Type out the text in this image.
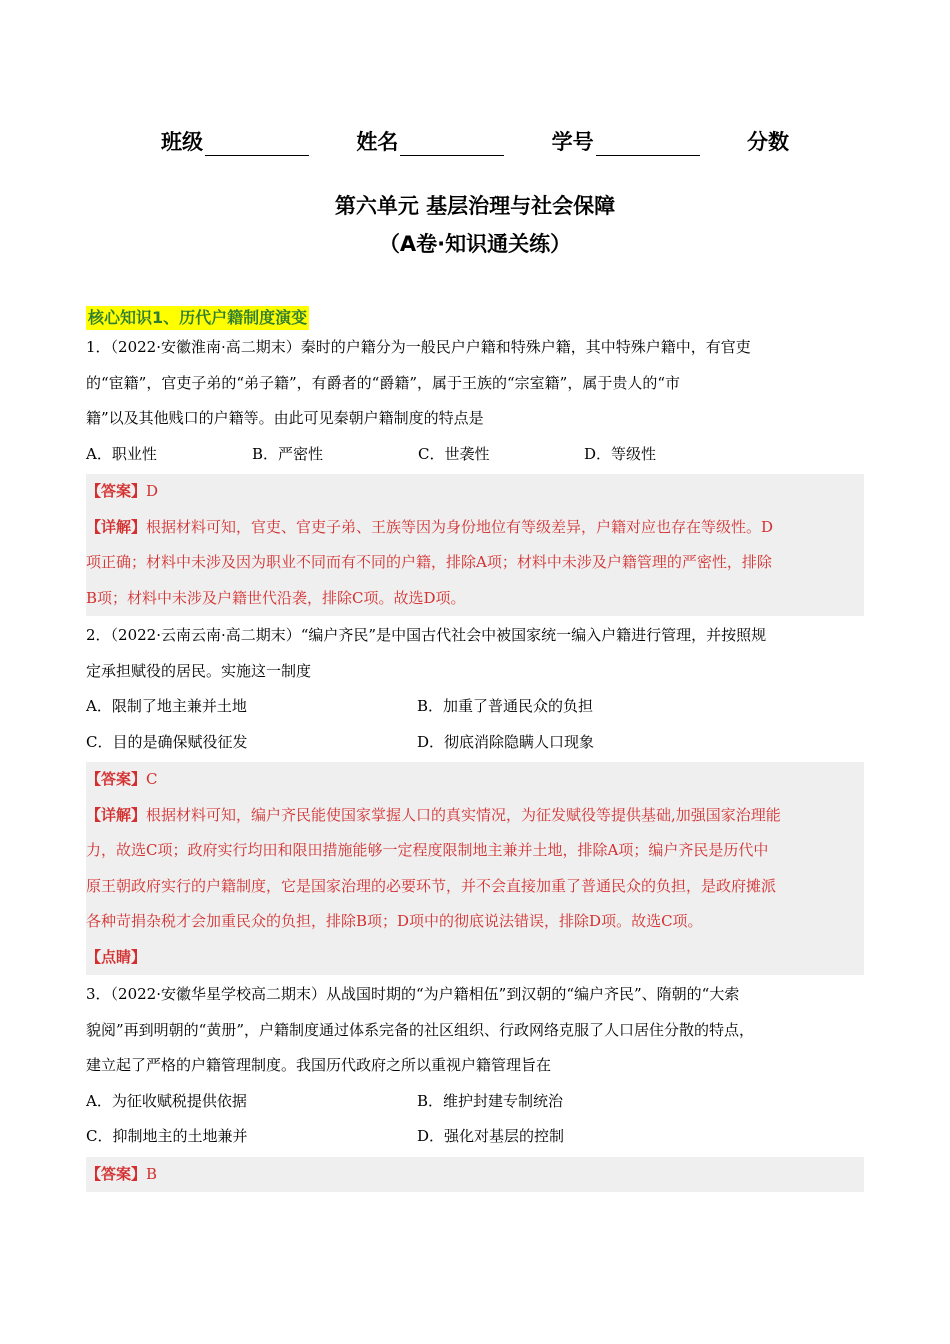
班级	姓名	学号	分数
第六单元 基层治理与社会保障
（A卷·知识通关练）
核心知识1、历代户籍制度演变
1．（2022·安徽淮南·高二期末）秦时的户籍分为一般民户户籍和特殊户籍，其中特殊户籍中，有官吏
的“宦籍”，官吏子弟的“弟子籍”，有爵者的“爵籍”，属于王族的“宗室籍”，属于贵人的“市
籍”以及其他贱口的户籍等。由此可见秦朝户籍制度的特点是
A．职业性	B．严密性	C．世袭性	D．等级性
【答案】D
【详解】根据材料可知，官吏、官吏子弟、王族等因为身份地位有等级差异，户籍对应也存在等级性。D
项正确；材料中未涉及因为职业不同而有不同的户籍，排除A项；材料中未涉及户籍管理的严密性，排除
B项；材料中未涉及户籍世代沿袭，排除C项。故选D项。
2．（2022·云南云南·高二期末）“编户齐民”是中国古代社会中被国家统一编入户籍进行管理，并按照规
定承担赋役的居民。实施这一制度
A．限制了地主兼并土地	B．加重了普通民众的负担
C．目的是确保赋役征发	D．彻底消除隐瞒人口现象
【答案】C
【详解】根据材料可知，编户齐民能使国家掌握人口的真实情况，为征发赋役等提供基础,加强国家治理能
力，故选C项；政府实行均田和限田措施能够一定程度限制地主兼并土地，排除A项；编户齐民是历代中
原王朝政府实行的户籍制度，它是国家治理的必要环节，并不会直接加重了普通民众的负担，是政府摊派
各种苛捐杂税才会加重民众的负担，排除B项；D项中的彻底说法错误，排除D项。故选C项。
【点睛】
3．（2022·安徽华星学校高二期末）从战国时期的“为户籍相伍”到汉朝的“编户齐民”、隋朝的“大索
貌阅”再到明朝的“黄册”，户籍制度通过体系完备的社区组织、行政网络克服了人口居住分散的特点，
建立起了严格的户籍管理制度。我国历代政府之所以重视户籍管理旨在
A．为征收赋税提供依据	B．维护封建专制统治
C．抑制地主的土地兼并	D．强化对基层的控制
【答案】B
